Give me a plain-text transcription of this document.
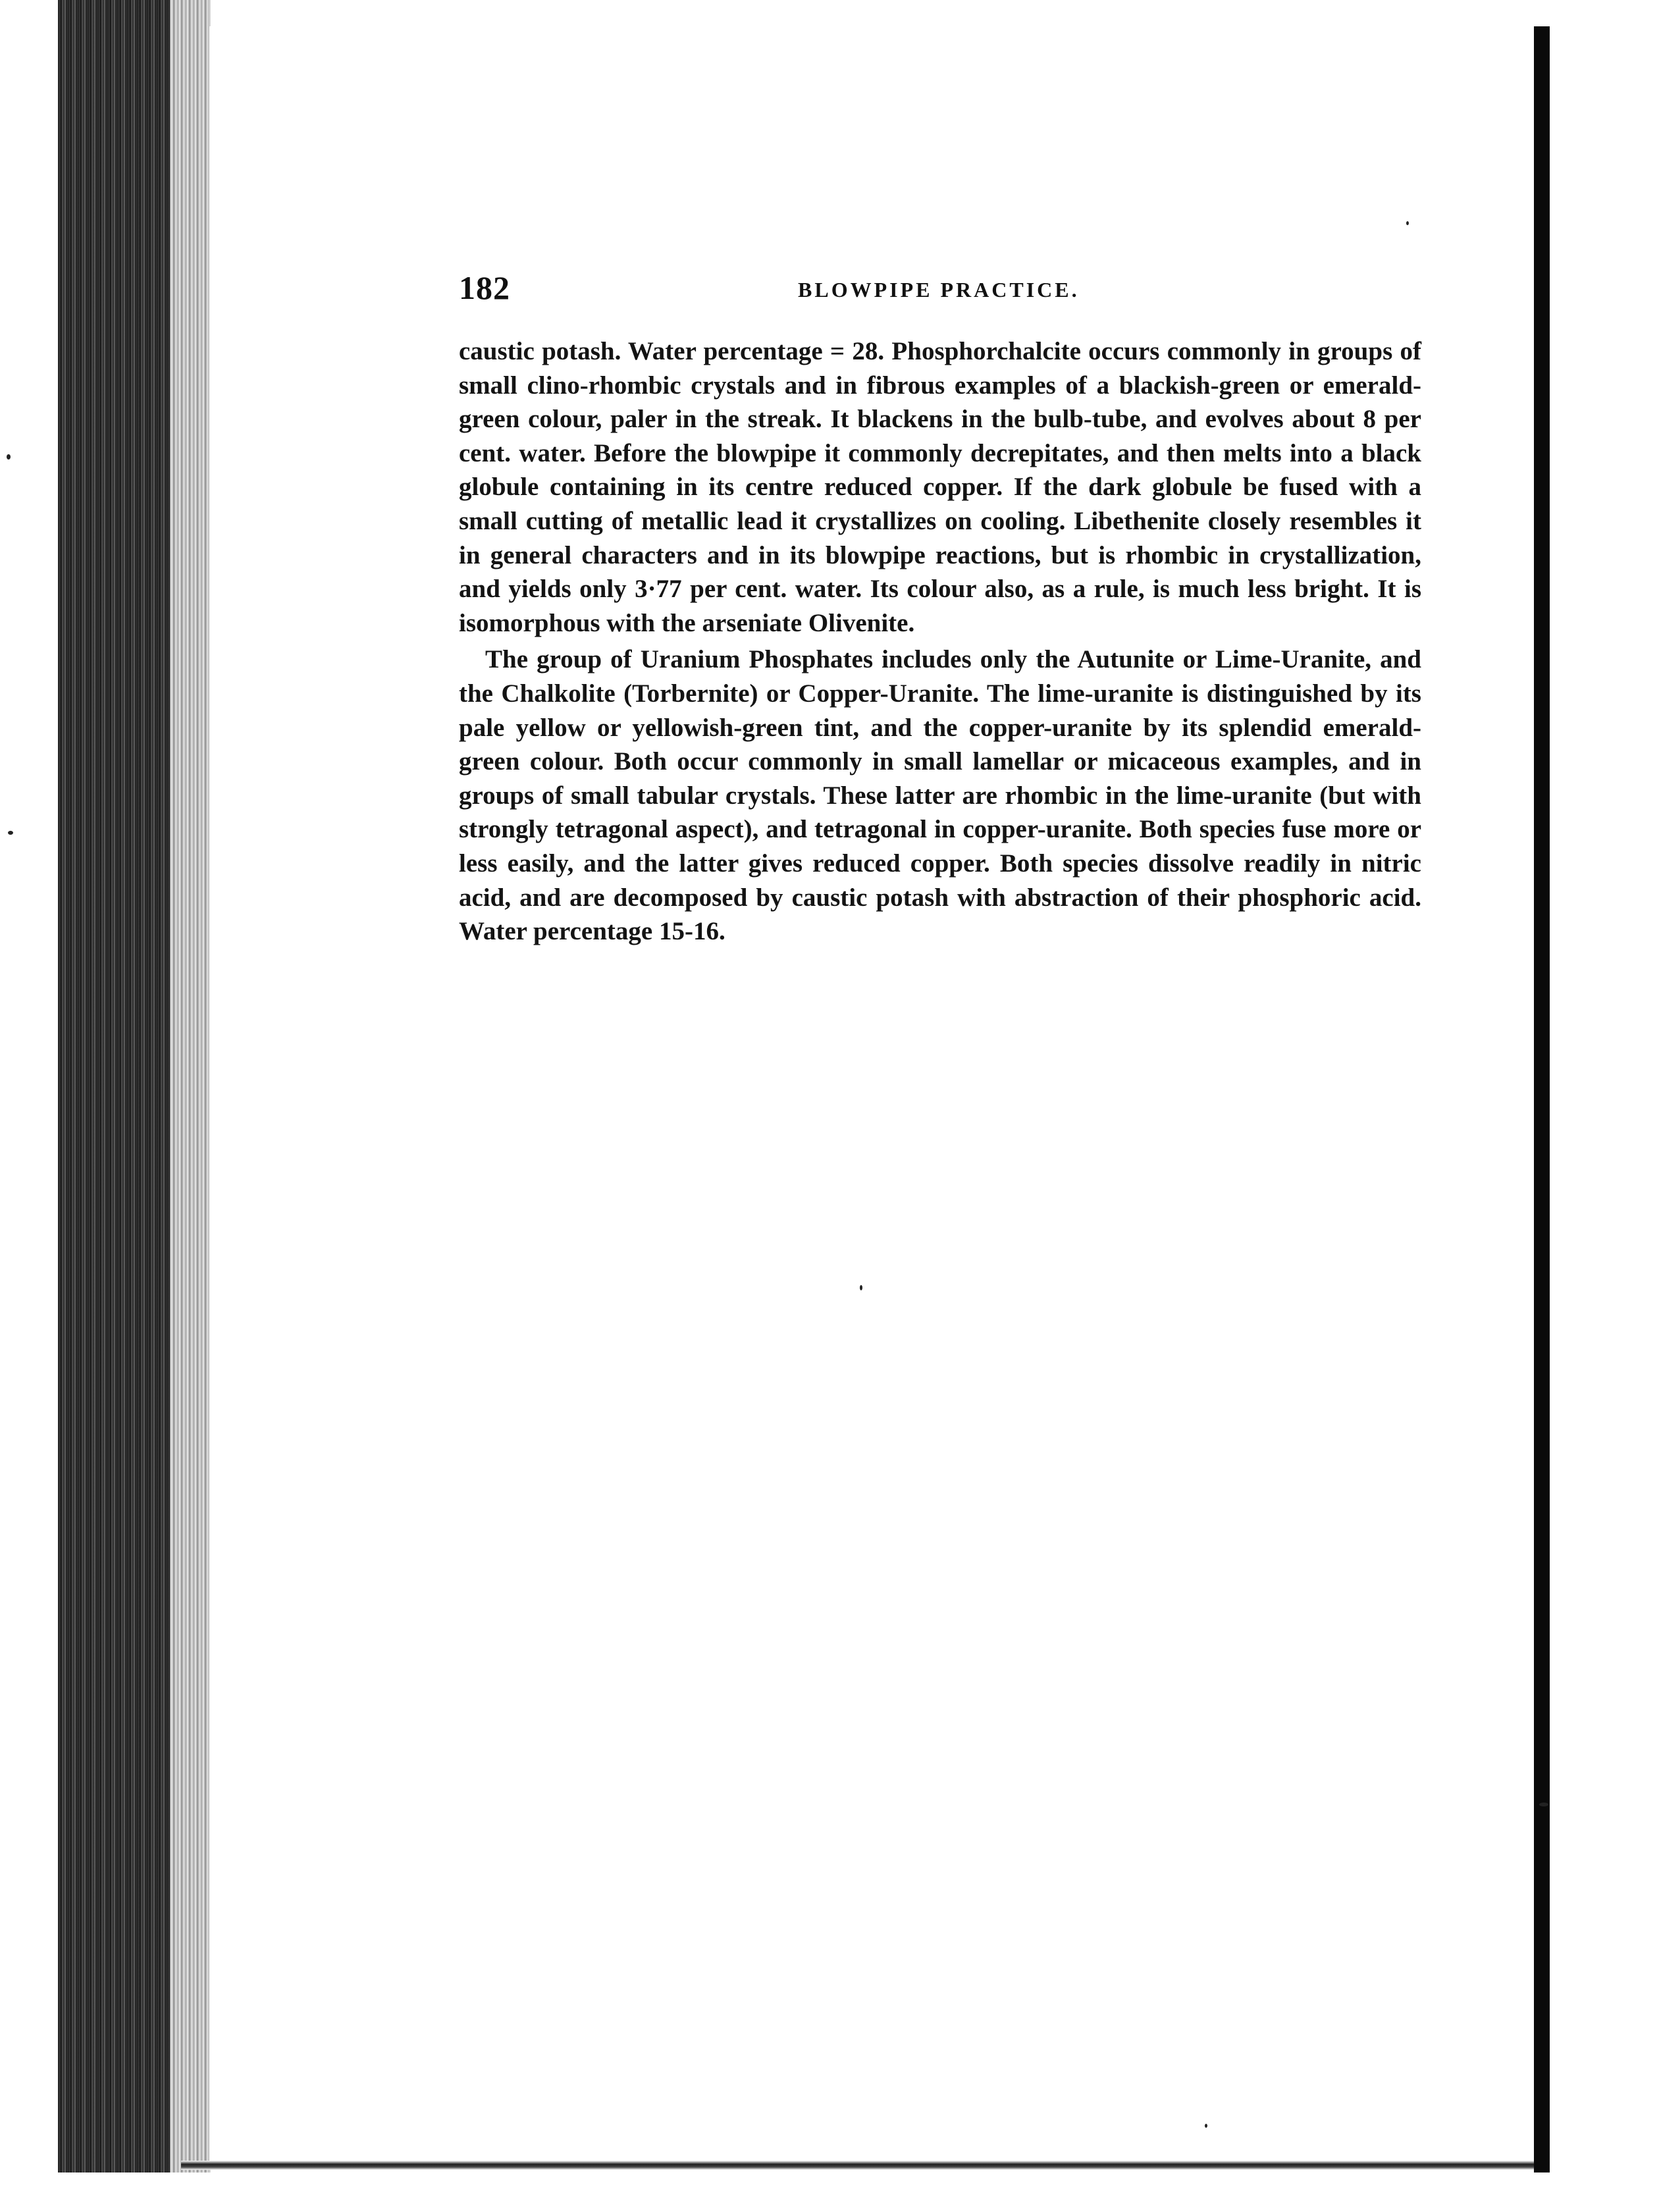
182	BLOWPIPE PRACTICE.

caustic potash. Water percentage = 28. Phosphorchalcite occurs commonly in groups of small clino-rhombic crystals and in fibrous examples of a blackish-green or emerald-green colour, paler in the streak. It blackens in the bulb-tube, and evolves about 8 per cent. water. Before the blowpipe it commonly decrepitates, and then melts into a black globule containing in its centre reduced copper. If the dark globule be fused with a small cutting of metallic lead it crystallizes on cooling. Libethenite closely resembles it in general characters and in its blowpipe reactions, but is rhombic in crystallization, and yields only 3·77 per cent. water. Its colour also, as a rule, is much less bright. It is isomorphous with the arseniate Olivenite.

The group of Uranium Phosphates includes only the Autunite or Lime-Uranite, and the Chalkolite (Torbernite) or Copper-Uranite. The lime-uranite is distinguished by its pale yellow or yellowish-green tint, and the copper-uranite by its splendid emerald-green colour. Both occur commonly in small lamellar or micaceous examples, and in groups of small tabular crystals. These latter are rhombic in the lime-uranite (but with strongly tetragonal aspect), and tetragonal in copper-uranite. Both species fuse more or less easily, and the latter gives reduced copper. Both species dissolve readily in nitric acid, and are decomposed by caustic potash with abstraction of their phosphoric acid. Water percentage 15-16.
